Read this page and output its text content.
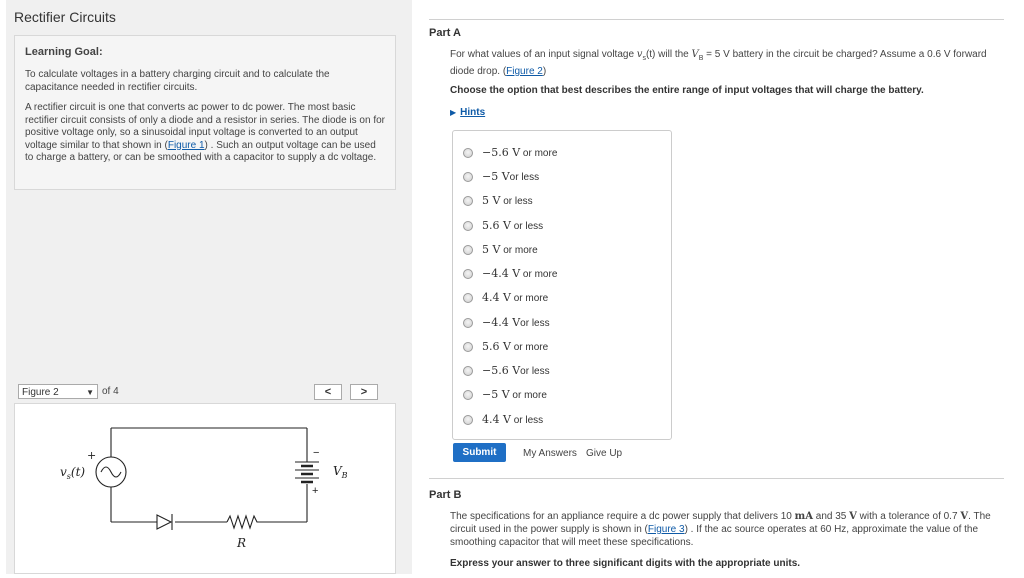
Rectifier Circuits
Learning Goal:

To calculate voltages in a battery charging circuit and to calculate the capacitance needed in rectifier circuits.

A rectifier circuit is one that converts ac power to dc power. The most basic rectifier circuit consists of only a diode and a resistor in series. The diode is on for positive voltage only, so a sinusoidal input voltage is converted to an output voltage similar to that shown in (Figure 1) . Such an output voltage can be used to charge a battery, or can be smoothed with a capacitor to supply a dc voltage.

Figure 2	▼ of 4	<	>
+
$v_s(t)$
−
+
$V_B$
R
Part A
For what values of an input signal voltage $v_s(t)$ will the $V_B = 5$ V battery in the circuit be charged? Assume a 0.6 V forward diode drop. (Figure 2)
Choose the option that best describes the entire range of input voltages that will charge the battery.
▶ Hints
−5.6 V or more
−5 Vor less
5 V or less
5.6 V or less
5 V or more
−4.4 V or more
4.4 V or more
−4.4 Vor less
5.6 V or more
−5.6 Vor less
−5 V or more
4.4 V or less
Submit	My Answers Give Up
Part B
The specifications for an appliance require a dc power supply that delivers 10 mA and 35 V with a tolerance of 0.7 V. The circuit used in the power supply is shown in (Figure 3) . If the ac source operates at 60 Hz, approximate the value of the smoothing capacitor that will meet these specifications.
Express your answer to three significant digits with the appropriate units.
